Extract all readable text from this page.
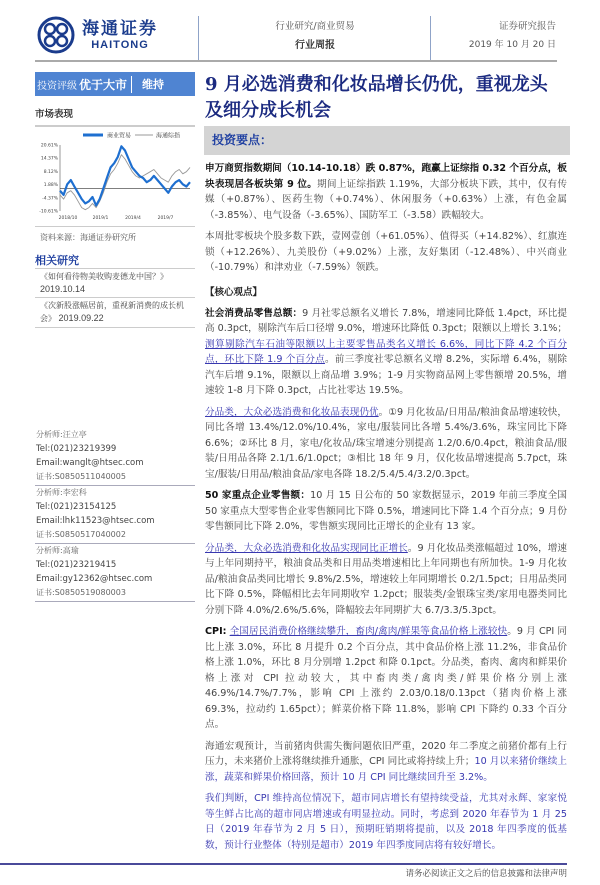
海通证券
HAITONG
行业研究/商业贸易
行业周报
证券研究报告
2019 年 10 月 20 日
投资评级 优于大市	维持
市场表现
商业贸易	海通综指
20.61%
14.37%
8.12%
1.88%
-4.37%
-10.61%
2018/10	2019/1	2019/4	2019/7
资料来源：海通证券研究所
相关研究
《如何看待物美收购麦德龙中国？》
2019.10.14
《次新股涨幅居前，重视新消费的成长机会》 2019.09.22
分析师:汪立亭
Tel:(021)23219399
Email:wanglt@htsec.com
证书:S0850511040005
分析师:李宏科
Tel:(021)23154125
Email:lhk11523@htsec.com
证书:S0850517040002
分析师:高瑜
Tel:(021)23219415
Email:gy12362@htsec.com
证书:S0850519080003
9 月必选消费和化妆品增长仍优，重视龙头及细分成长机会
投资要点：
申万商贸指数期间（10.14-10.18）跌 0.87%，跑赢上证综指 0.32 个百分点，板块表现居各板块第 9 位。期间上证综指跌 1.19%，大部分板块下跌，其中，仅有传媒（+0.87%）、医药生物（+0.74%）、休闲服务（+0.63%）上涨，有色金属（-3.85%）、电气设备（-3.65%）、国防军工（-3.58）跌幅较大。
本周批零板块个股多数下跌，壹网壹创（+61.05%）、值得买（+14.82%）、红旗连锁（+12.26%）、九美股份（+9.02%）上涨，友好集团（-12.48%）、中兴商业（-10.79%）和津劝业（-7.59%）领跌。
【核心观点】
社会消费品零售总额：9 月社零总额名义增长 7.8%，增速同比降低 1.4pct，环比提高 0.3pct，剔除汽车后口径增 9.0%，增速环比降低 0.3pct；限额以上增长 3.1%；测算剔除汽车石油等限额以上主要零售品类名义增长 6.6%，同比下降 4.2 个百分点，环比下降 1.9 个百分点。前三季度社零总额名义增 8.2%，实际增 6.4%，剔除汽车后增 9.1%，限额以上商品增 3.9%；1-9 月实物商品网上零售额增 20.5%，增速较 1-8 月下降 0.3pct，占比社零达 19.5%。
分品类，大众必选消费和化妆品表现仍优。①9 月化妆品/日用品/粮油食品增速较快，同比各增 13.4%/12.0%/10.4%，家电/服装同比各增 5.4%/3.6%，珠宝同比下降 6.6%；②环比 8 月，家电/化妆品/珠宝增速分别提高 1.2/0.6/0.4pct，粮油食品/服装/日用品各降 2.1/1.6/1.0pct；③相比 18 年 9 月，仅化妆品增速提高 5.7pct，珠宝/服装/日用品/粮油食品/家电各降 18.2/5.4/5.4/3.2/0.3pct。
50 家重点企业零售额：10 月 15 日公布的 50 家数据显示，2019 年前三季度全国 50 家重点大型零售企业零售额同比下降 0.5%，增速同比下降 1.4 个百分点；9 月份零售额同比下降 2.0%，零售额实现同比正增长的企业有 13 家。
分品类，大众必选消费和化妆品实现同比正增长。9 月化妆品类涨幅超过 10%，增速与上年同期持平，粮油食品类和日用品类增速相比上年同期也有所加快。1-9 月化妆品/粮油食品类同比增长 9.8%/2.5%，增速较上年同期增长 0.2/1.5pct；日用品类同比下降 0.5%，降幅相比去年同期收窄 1.2pct；服装类/金银珠宝类/家用电器类同比分别下降 4.0%/2.6%/5.6%，降幅较去年同期扩大 6.7/3.3/5.3pct。
CPI: 全国居民消费价格继续攀升，畜肉/禽肉/鲜果等食品价格上涨较快。9 月 CPI 同比上涨 3.0%，环比 8 月提升 0.2 个百分点，其中食品价格上涨 11.2%，非食品价格上涨 1.0%，环比 8 月分别增 1.2pct 和降 0.1pct。分品类，畜肉、禽肉和鲜果价格上涨对 CPI 拉动较大，其中畜肉类/禽肉类/鲜果价格分别上涨 46.9%/14.7%/7.7%，影响 CPI 上涨约 2.03/0.18/0.13pct（猪肉价格上涨 69.3%，拉动约 1.65pct）；鲜菜价格下降 11.8%，影响 CPI 下降约 0.33 个百分点。
海通宏观预计，当前猪肉供需失衡问题依旧严重，2020 年二季度之前猪价都有上行压力，未来猪价上涨将继续推升通胀，CPI 同比或将持续上升；10 月以来猪价继续上涨，蔬菜和鲜果价格回落，预计 10 月 CPI 同比继续回升至 3.2%。
我们判断，CPI 维持高位情况下，超市同店增长有望持续受益，尤其对永辉、家家悦等生鲜占比高的超市同店增速或有明显拉动。同时，考虑到 2020 年春节为 1 月 25 日（2019 年春节为 2 月 5 日），预期旺销期将提前，以及 2018 年四季度的低基数，预计行业整体（特别是超市）2019 年四季度同店将有较好增长。
请务必阅读正文之后的信息披露和法律声明
